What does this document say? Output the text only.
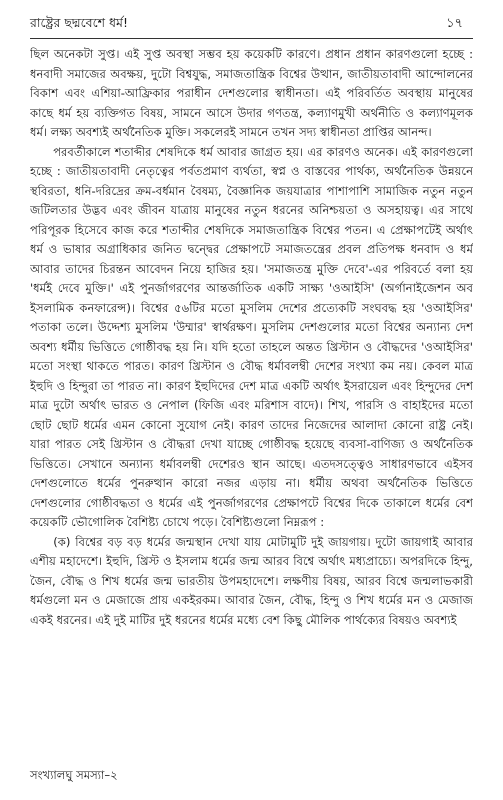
রাষ্ট্রের ছদ্মবেশে ধর্ম!	১৭

ছিল অনেকটা সুপ্ত। এই সুপ্ত অবস্থা সম্ভব হয় কয়েকটি কারণে। প্রধান প্রধান কারণগুলো হচ্ছে : ধনবাদী সমাজের অবক্ষয়, দুটো বিশ্বযুদ্ধ, সমাজতান্ত্রিক বিশ্বের উত্থান, জাতীয়তাবাদী আন্দোলনের বিকাশ এবং এশিয়া-আফ্রিকার পরাধীন দেশগুলোর স্বাধীনতা। এই পরিবর্তিত অবস্থায় মানুষের কাছে ধর্ম হয় ব্যক্তিগত বিষয়, সামনে আসে উদার গণতন্ত্র, কল্যাণমুখী অর্থনীতি ও কল্যাণমূলক ধর্ম। লক্ষ্য অবশ্যই অর্থনৈতিক মুক্তি। সকলেরই সামনে তখন সদ্য স্বাধীনতা প্রাপ্তির আনন্দ।

পরবর্তীকালে শতাব্দীর শেষদিকে ধর্ম আবার জাগ্রত হয়। এর কারণও অনেক। এই কারণগুলো হচ্ছে : জাতীয়তাবাদী নেতৃত্বের পর্বতপ্রমাণ ব্যর্থতা, স্বপ্ন ও বাস্তবের পার্থক্য, অর্থনৈতিক উন্নয়নে স্থবিরতা, ধনি-দরিদ্রের ক্রম-বর্ধমান বৈষম্য, বৈজ্ঞানিক জয়যাত্রার পাশাপাশি সামাজিক নতুন নতুন জটিলতার উদ্ভব এবং জীবন যাত্রায় মানুষের নতুন ধরনের অনিশ্চয়তা ও অসহায়ত্ব। এর সাথে পরিপূরক হিসেবে কাজ করে শতাব্দীর শেষদিকে সমাজতান্ত্রিক বিশ্বের পতন। এ প্রেক্ষাপটেই অর্থাৎ ধর্ম ও ভাষার অগ্রাধিকার জনিত দ্বন্দ্বের প্রেক্ষাপটে সমাজতন্ত্রের প্রবল প্রতিপক্ষ ধনবাদ ও ধর্ম আবার তাদের চিরন্তন আবেদন নিয়ে হাজির হয়। 'সমাজতন্ত্র মুক্তি দেবে'-এর পরিবর্তে বলা হয় 'ধর্মই দেবে মুক্তি।' এই পুনর্জাগরণের আন্তর্জাতিক একটি সাক্ষ্য 'ওআইসি' (অর্গানাইজেশন অব ইসলামিক কনফারেন্স)। বিশ্বের ৫৬টির মতো মুসলিম দেশের প্রত্যেকটি সংঘবদ্ধ হয় 'ওআইসির' পতাকা তলে। উদ্দেশ্য মুসলিম 'উম্মার' স্বার্থরক্ষণ। মুসলিম দেশগুলোর মতো বিশ্বের অন্যান্য দেশ অবশ্য ধর্মীয় ভিত্তিতে গোষ্ঠীবদ্ধ হয় নি। যদি হতো তাহলে অন্তত খ্রিস্টান ও বৌদ্ধদের 'ওআইসির' মতো সংস্থা থাকতে পারত। কারণ খ্রিস্টান ও বৌদ্ধ ধর্মাবলম্বী দেশের সংখ্যা কম নয়। কেবল মাত্র ইহুদি ও হিন্দুরা তা পারত না। কারণ ইহুদিদের দেশ মাত্র একটি অর্থাৎ ইসরায়েল এবং হিন্দুদের দেশ মাত্র দুটো অর্থাৎ ভারত ও নেপাল (ফিজি এবং মরিশাস বাদে)। শিখ, পারসি ও বাহাইদের মতো ছোট ছোট ধর্মের এমন কোনো সুযোগ নেই। কারণ তাদের নিজেদের আলাদা কোনো রাষ্ট্র নেই। যারা পারত সেই খ্রিস্টান ও বৌদ্ধরা দেখা যাচ্ছে গোষ্ঠীবদ্ধ হয়েছে ব্যবসা-বাণিজ্য ও অর্থনৈতিক ভিত্তিতে। সেখানে অন্যান্য ধর্মাবলম্বী দেশেরও স্থান আছে। এতদসত্ত্বেও সাধারণভাবে এইসব দেশগুলোতে ধর্মের পুনরুত্থান কারো নজর এড়ায় না। ধর্মীয় অথবা অর্থনৈতিক ভিত্তিতে দেশগুলোর গোষ্ঠীবদ্ধতা ও ধর্মের এই পুনর্জাগরণের প্রেক্ষাপটে বিশ্বের দিকে তাকালে ধর্মের বেশ কয়েকটি ভৌগোলিক বৈশিষ্ট্য চোখে পড়ে। বৈশিষ্ট্যগুলো নিম্নরূপ :

(ক) বিশ্বের বড় বড় ধর্মের জন্মস্থান দেখা যায় মোটামুটি দুই জায়গায়। দুটো জায়গাই আবার এশীয় মহাদেশে। ইহুদি, খ্রিস্ট ও ইসলাম ধর্মের জন্ম আরব বিশ্বে অর্থাৎ মধ্যপ্রাচ্যে। অপরদিকে হিন্দু, জৈন, বৌদ্ধ ও শিখ ধর্মের জন্ম ভারতীয় উপমহাদেশে। লক্ষণীয় বিষয়, আরব বিশ্বে জন্মলাভকারী ধর্মগুলো মন ও মেজাজে প্রায় একইরকম। আবার জৈন, বৌদ্ধ, হিন্দু ও শিখ ধর্মের মন ও মেজাজ একই ধরনের। এই দুই মাটির দুই ধরনের ধর্মের মধ্যে বেশ কিছু মৌলিক পার্থক্যের বিষয়ও অবশ্যই

সংখ্যালঘু সমস্যা–২
